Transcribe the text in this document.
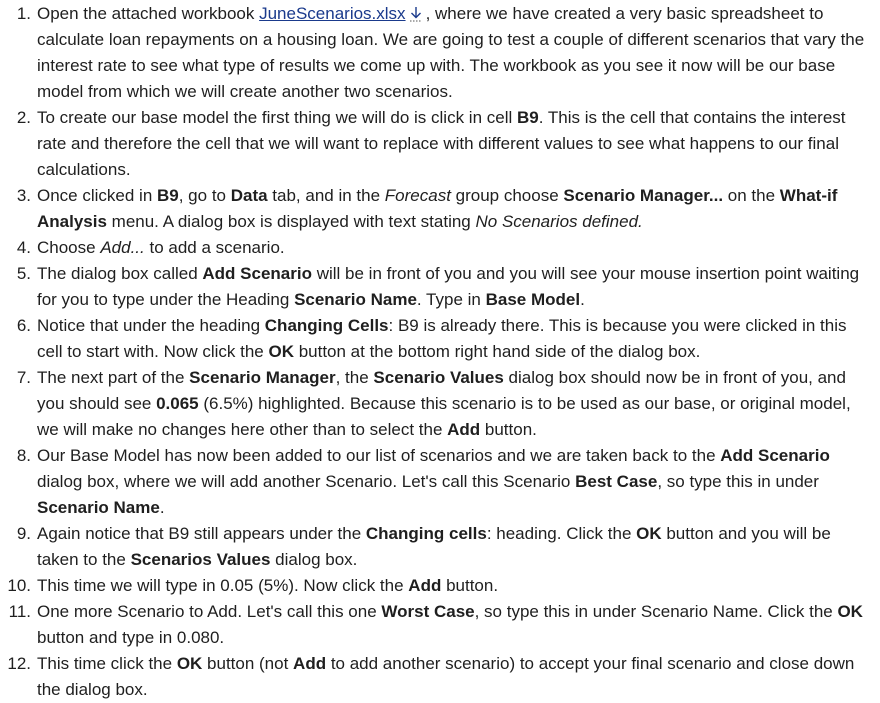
1. Open the attached workbook JuneScenarios.xlsx , where we have created a very basic spreadsheet to calculate loan repayments on a housing loan. We are going to test a couple of different scenarios that vary the interest rate to see what type of results we come up with. The workbook as you see it now will be our base model from which we will create another two scenarios.
2. To create our base model the first thing we will do is click in cell B9. This is the cell that contains the interest rate and therefore the cell that we will want to replace with different values to see what happens to our final calculations.
3. Once clicked in B9, go to Data tab, and in the Forecast group choose Scenario Manager... on the What-if Analysis menu. A dialog box is displayed with text stating No Scenarios defined.
4. Choose Add... to add a scenario.
5. The dialog box called Add Scenario will be in front of you and you will see your mouse insertion point waiting for you to type under the Heading Scenario Name. Type in Base Model.
6. Notice that under the heading Changing Cells: B9 is already there. This is because you were clicked in this cell to start with. Now click the OK button at the bottom right hand side of the dialog box.
7. The next part of the Scenario Manager, the Scenario Values dialog box should now be in front of you, and you should see 0.065 (6.5%) highlighted. Because this scenario is to be used as our base, or original model, we will make no changes here other than to select the Add button.
8. Our Base Model has now been added to our list of scenarios and we are taken back to the Add Scenario dialog box, where we will add another Scenario. Let's call this Scenario Best Case, so type this in under Scenario Name.
9. Again notice that B9 still appears under the Changing cells: heading. Click the OK button and you will be taken to the Scenarios Values dialog box.
10. This time we will type in 0.05 (5%). Now click the Add button.
11. One more Scenario to Add. Let's call this one Worst Case, so type this in under Scenario Name. Click the OK button and type in 0.080.
12. This time click the OK button (not Add to add another scenario) to accept your final scenario and close down the dialog box.
